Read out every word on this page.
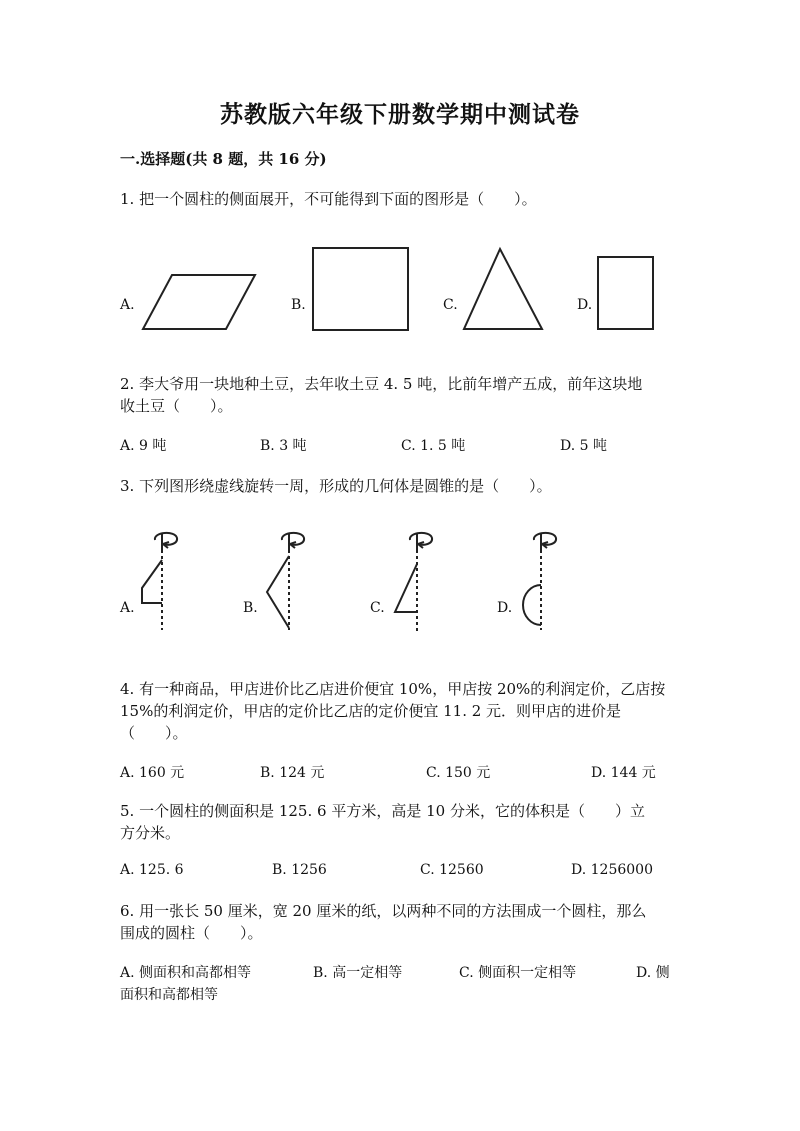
苏教版六年级下册数学期中测试卷
一.选择题(共 8 题，共 16 分)
1. 把一个圆柱的侧面展开，不可能得到下面的图形是（　　）。
A.	B.	C.	D.
2. 李大爷用一块地种土豆，去年收土豆 4. 5 吨，比前年增产五成，前年这块地
收土豆（　　）。
A. 9 吨	B. 3 吨	C. 1. 5 吨	D. 5 吨
3. 下列图形绕虚线旋转一周，形成的几何体是圆锥的是（　　）。
A.	B.	C.	D.
4. 有一种商品，甲店进价比乙店进价便宜 10%，甲店按 20%的利润定价，乙店按
15%的利润定价，甲店的定价比乙店的定价便宜 11. 2 元．则甲店的进价是
（　　）。
A. 160 元	B. 124 元	C. 150 元	D. 144 元
5. 一个圆柱的侧面积是 125. 6 平方米，高是 10 分米，它的体积是（　　）立
方分米。
A. 125. 6	B. 1256	C. 12560	D. 1256000
6. 用一张长 50 厘米，宽 20 厘米的纸，以两种不同的方法围成一个圆柱，那么
围成的圆柱（　　）。
A. 侧面积和高都相等	B. 高一定相等	C. 侧面积一定相等	D. 侧
面积和高都相等
